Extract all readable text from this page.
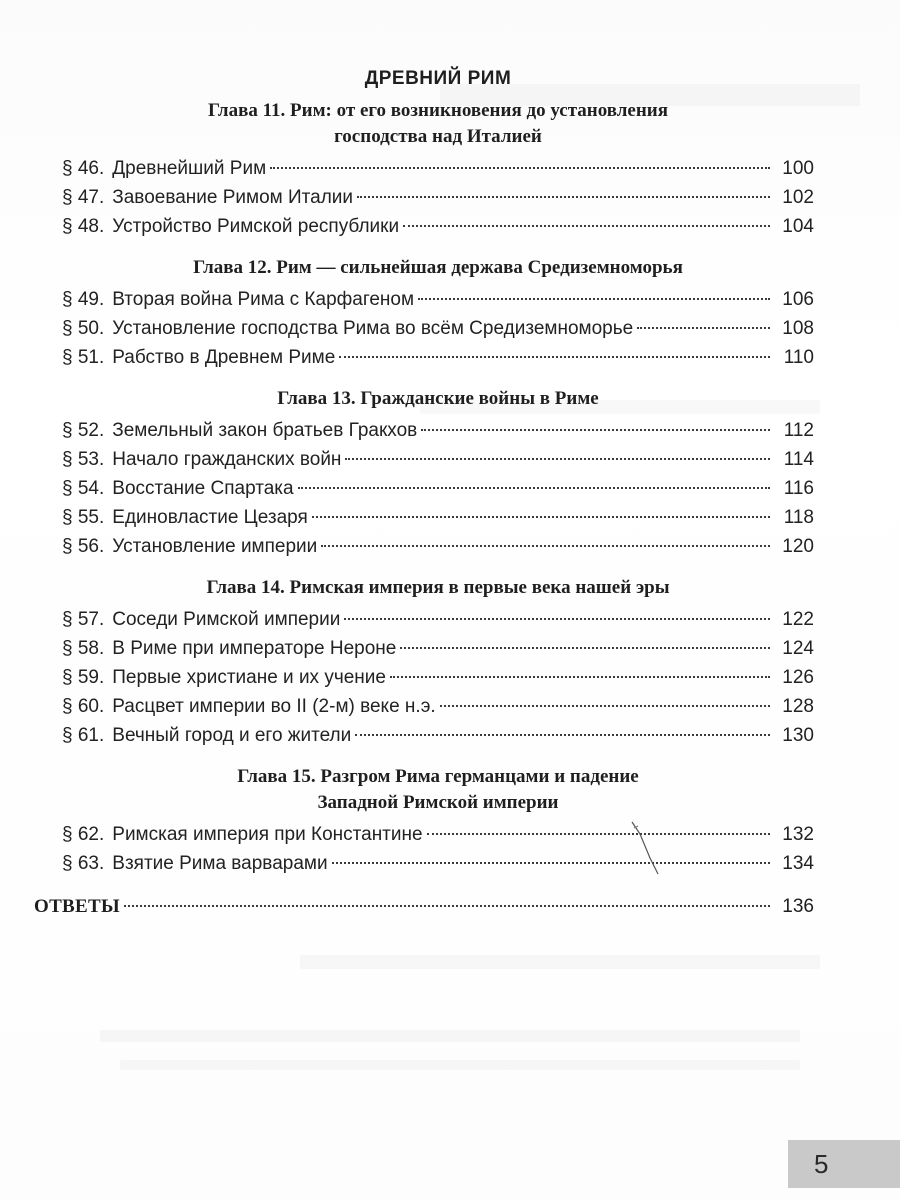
ДРЕВНИЙ РИМ
Глава 11. Рим: от его возникновения до установления
господства над Италией
§ 46. Древнейший Рим	100
§ 47. Завоевание Римом Италии	102
§ 48. Устройство Римской республики	104
Глава 12. Рим — сильнейшая держава Средиземноморья
§ 49. Вторая война Рима с Карфагеном	106
§ 50. Установление господства Рима во всём Средиземноморье	108
§ 51. Рабство в Древнем Риме	110
Глава 13. Гражданские войны в Риме
§ 52. Земельный закон братьев Гракхов	112
§ 53. Начало гражданских войн	114
§ 54. Восстание Спартака	116
§ 55. Единовластие Цезаря	118
§ 56. Установление империи	120
Глава 14. Римская империя в первые века нашей эры
§ 57. Соседи Римской империи	122
§ 58. В Риме при императоре Нероне	124
§ 59. Первые христиане и их учение	126
§ 60. Расцвет империи во II (2-м) веке н.э.	128
§ 61. Вечный город и его жители	130
Глава 15. Разгром Рима германцами и падение
Западной Римской империи
§ 62. Римская империя при Константине	132
§ 63. Взятие Рима варварами	134
ОТВЕТЫ	136
5
